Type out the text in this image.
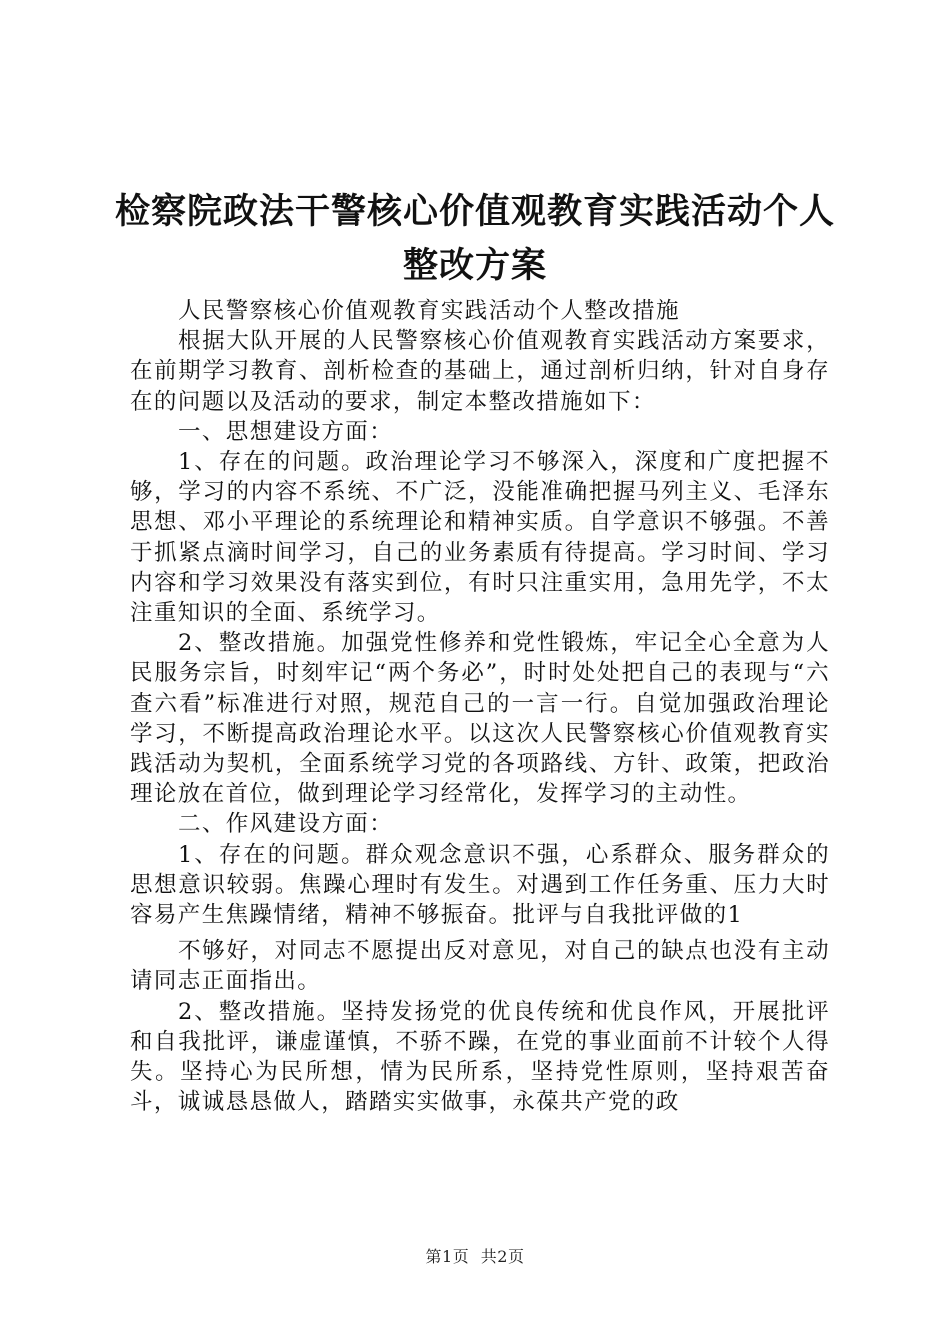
检察院政法干警核心价值观教育实践活动个人
整改方案

人民警察核心价值观教育实践活动个人整改措施

根据大队开展的人民警察核心价值观教育实践活动方案要求，在前期学习教育、剖析检查的基础上，通过剖析归纳，针对自身存在的问题以及活动的要求，制定本整改措施如下：

一、思想建设方面：

1、存在的问题。政治理论学习不够深入，深度和广度把握不够，学习的内容不系统、不广泛，没能准确把握马列主义、毛泽东思想、邓小平理论的系统理论和精神实质。自学意识不够强。不善于抓紧点滴时间学习，自己的业务素质有待提高。学习时间、学习内容和学习效果没有落实到位，有时只注重实用，急用先学，不太注重知识的全面、系统学习。

2、整改措施。加强党性修养和党性锻炼，牢记全心全意为人民服务宗旨，时刻牢记“两个务必”，时时处处把自己的表现与“六查六看”标准进行对照，规范自己的一言一行。自觉加强政治理论学习，不断提高政治理论水平。以这次人民警察核心价值观教育实践活动为契机，全面系统学习党的各项路线、方针、政策，把政治理论放在首位，做到理论学习经常化，发挥学习的主动性。

二、作风建设方面：

1、存在的问题。群众观念意识不强，心系群众、服务群众的思想意识较弱。焦躁心理时有发生。对遇到工作任务重、压力大时容易产生焦躁情绪，精神不够振奋。批评与自我批评做的1

不够好，对同志不愿提出反对意见，对自己的缺点也没有主动请同志正面指出。

2、整改措施。坚持发扬党的优良传统和优良作风，开展批评和自我批评，谦虚谨慎，不骄不躁，在党的事业面前不计较个人得失。坚持心为民所想，情为民所系，坚持党性原则，坚持艰苦奋斗，诚诚恳恳做人，踏踏实实做事，永葆共产党的政

第1页 共2页
